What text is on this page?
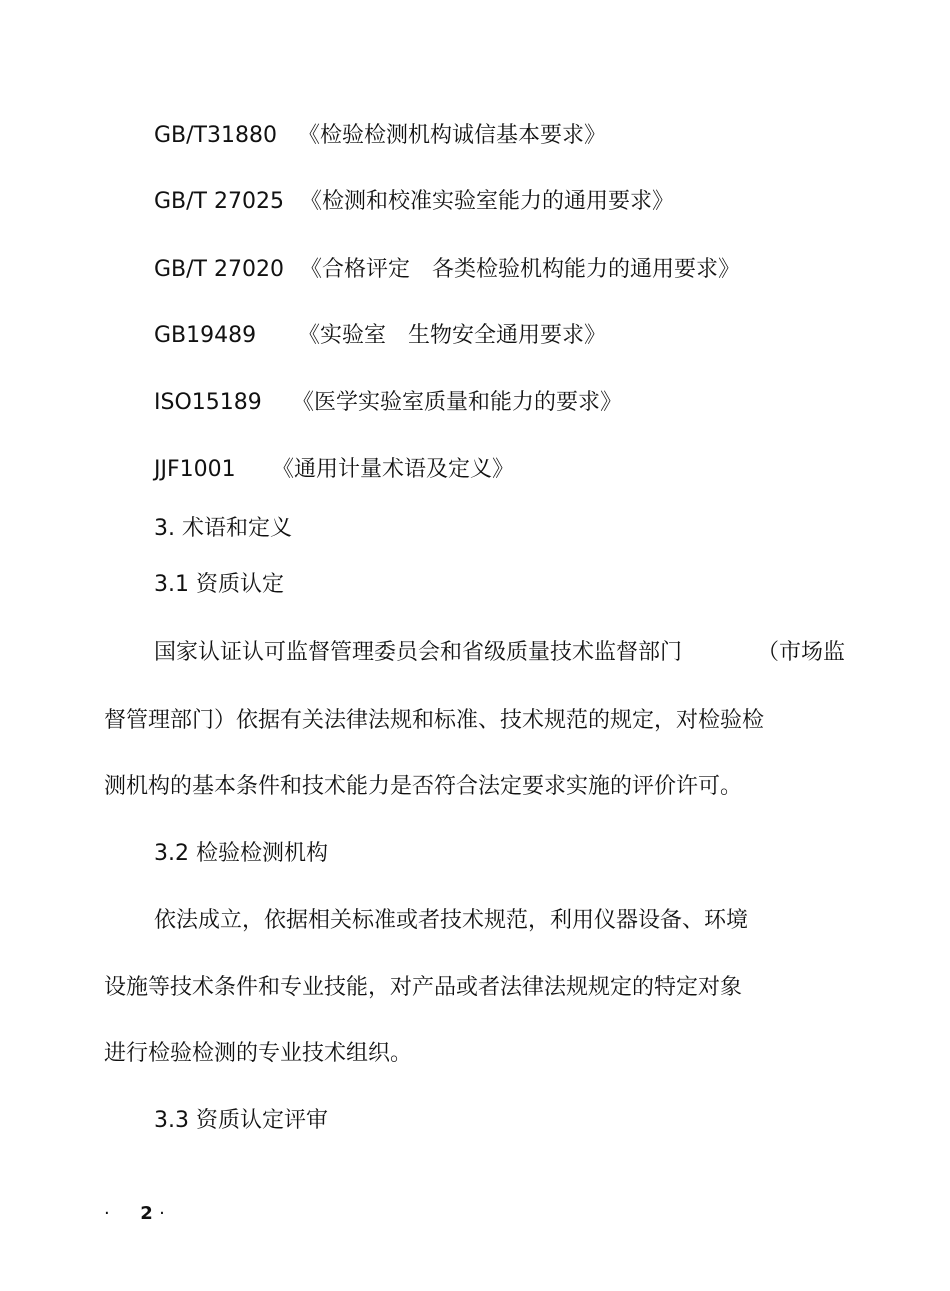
GB/T31880 《检验检测机构诚信基本要求》
GB/T 27025 《检测和校准实验室能力的通用要求》
GB/T 27020 《合格评定　各类检验机构能力的通用要求》
GB19489 《实验室　生物安全通用要求》
ISO15189 《医学实验室质量和能力的要求》
JJF1001 《通用计量术语及定义》
3. 术语和定义
3.1 资质认定
国家认证认可监督管理委员会和省级质量技术监督部门	（市场监
督管理部门）依据有关法律法规和标准、技术规范的规定，对检验检
测机构的基本条件和技术能力是否符合法定要求实施的评价许可。
3.2 检验检测机构
依法成立，依据相关标准或者技术规范，利用仪器设备、环境
设施等技术条件和专业技能，对产品或者法律法规规定的特定对象
进行检验检测的专业技术组织。
3.3 资质认定评审
· 2 ·
